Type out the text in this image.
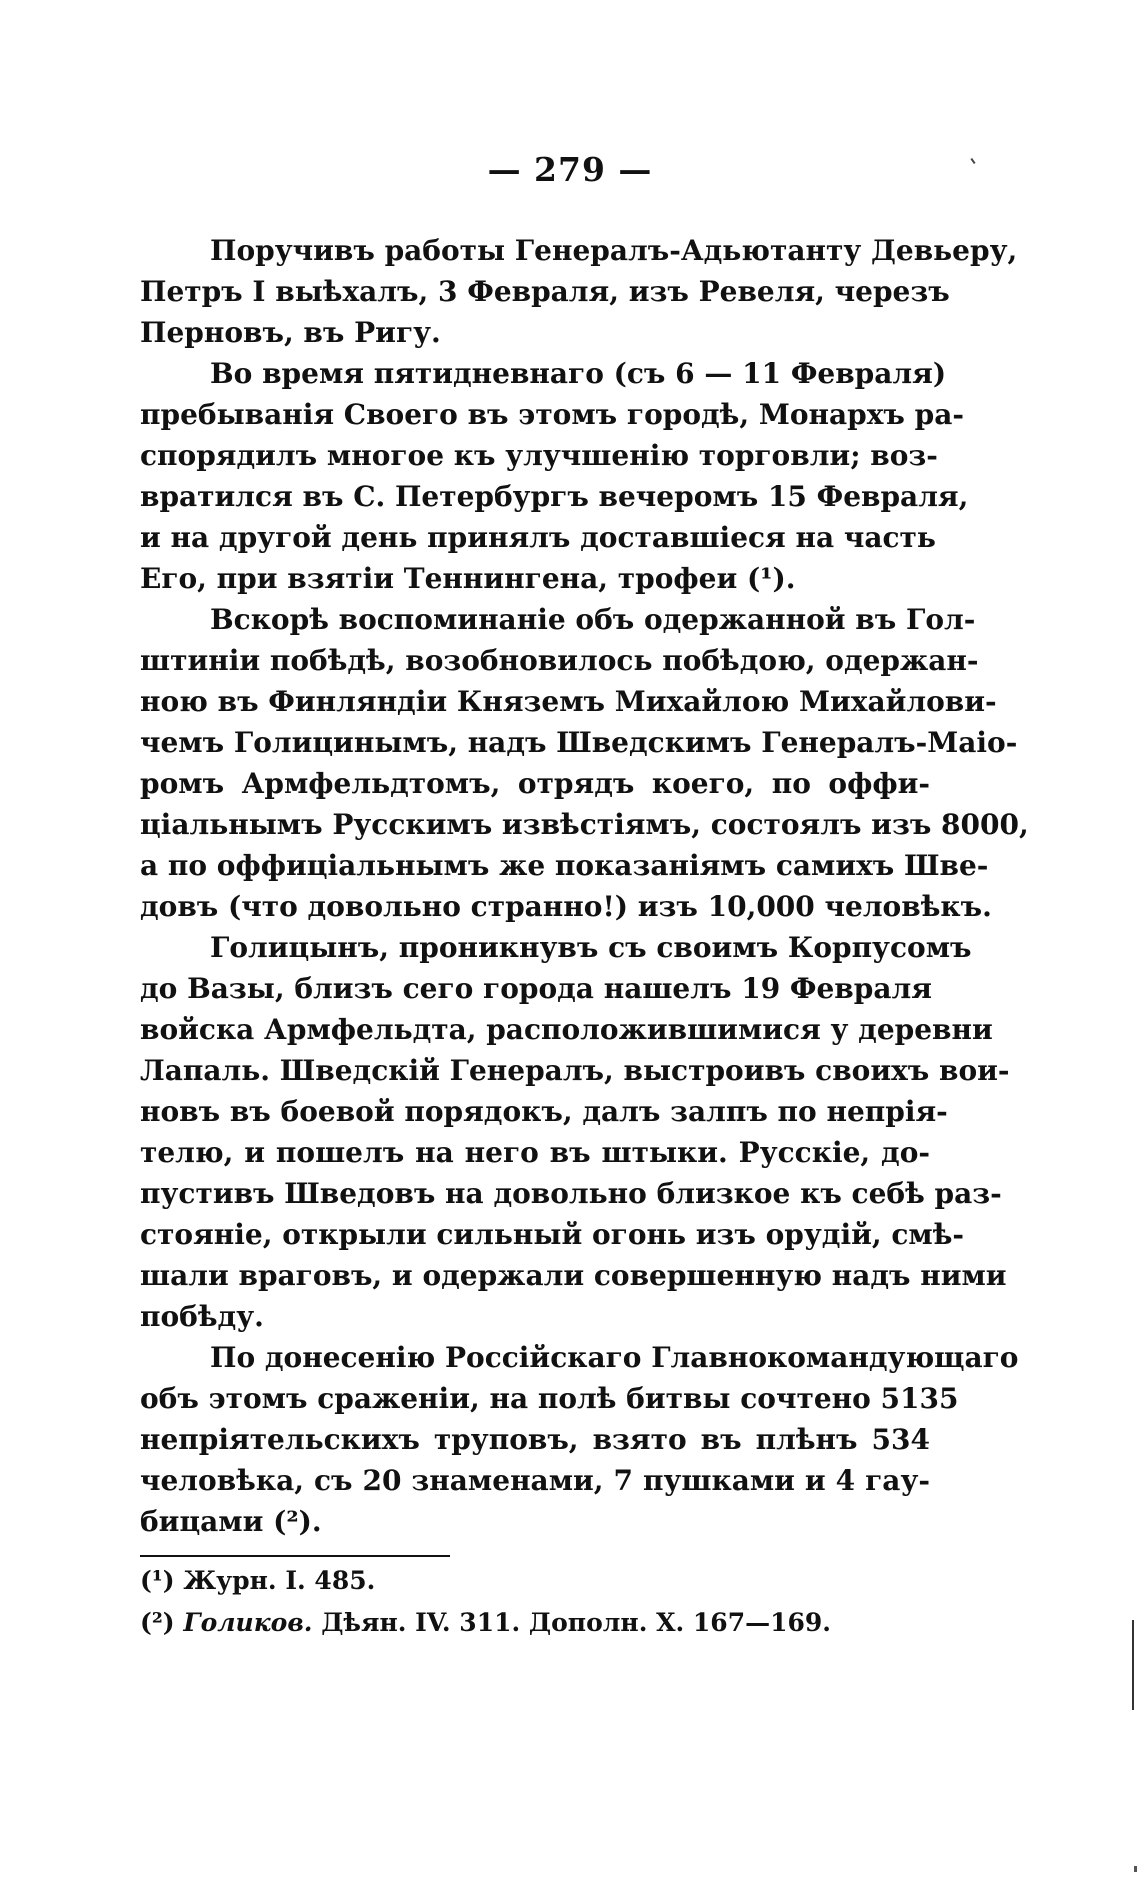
— 279 —

Поручивъ работы Генералъ-Адьютанту Девьеру,
Петръ I выѣхалъ, 3 Февраля, изъ Ревеля, черезъ
Перновъ, въ Ригу.

Во время пятидневнаго (съ 6 — 11 Февраля)
пребыванія Своего въ этомъ городѣ, Монархъ ра-
спорядилъ многое къ улучшенію торговли; воз-
вратился въ С. Петербургъ вечеромъ 15 Февраля,
и на другой день принялъ доставшіеся на часть
Его, при взятіи Теннингена, трофеи (¹).

Вскорѣ воспоминаніе объ одержанной въ Гол-
штиніи побѣдѣ, возобновилось побѣдою, одержан-
ною въ Финляндіи Княземъ Михайлою Михайлови-
чемъ Голицинымъ, надъ Шведскимъ Генералъ-Маіо-
ромъ Армфельдтомъ, отрядъ коего, по оффи-
ціальнымъ Русскимъ извѣстіямъ, состоялъ изъ 8000,
а по оффиціальнымъ же показаніямъ самихъ Шве-
довъ (что довольно странно!) изъ 10,000 человѣкъ.

Голицынъ, проникнувъ съ своимъ Корпусомъ
до Вазы, близъ сего города нашелъ 19 Февраля
войска Армфельдта, расположившимися у деревни
Лапаль. Шведскій Генералъ, выстроивъ своихъ вои-
новъ въ боевой порядокъ, далъ залпъ по непрія-
телю, и пошелъ на него въ штыки. Русскіе, до-
пустивъ Шведовъ на довольно близкое къ себѣ раз-
стояніе, открыли сильный огонь изъ орудій, смѣ-
шали враговъ, и одержали совершенную надъ ними
побѣду.

По донесенію Россійскаго Главнокомандующаго
объ этомъ сраженіи, на полѣ битвы сочтено 5135
непріятельскихъ труповъ, взято въ плѣнъ 534
человѣка, съ 20 знаменами, 7 пушками и 4 гау-
бицами (²).

(¹) Журн. I. 485.
(²) Голиков. Дѣян. IV. 311. Дополн. X. 167—169.
